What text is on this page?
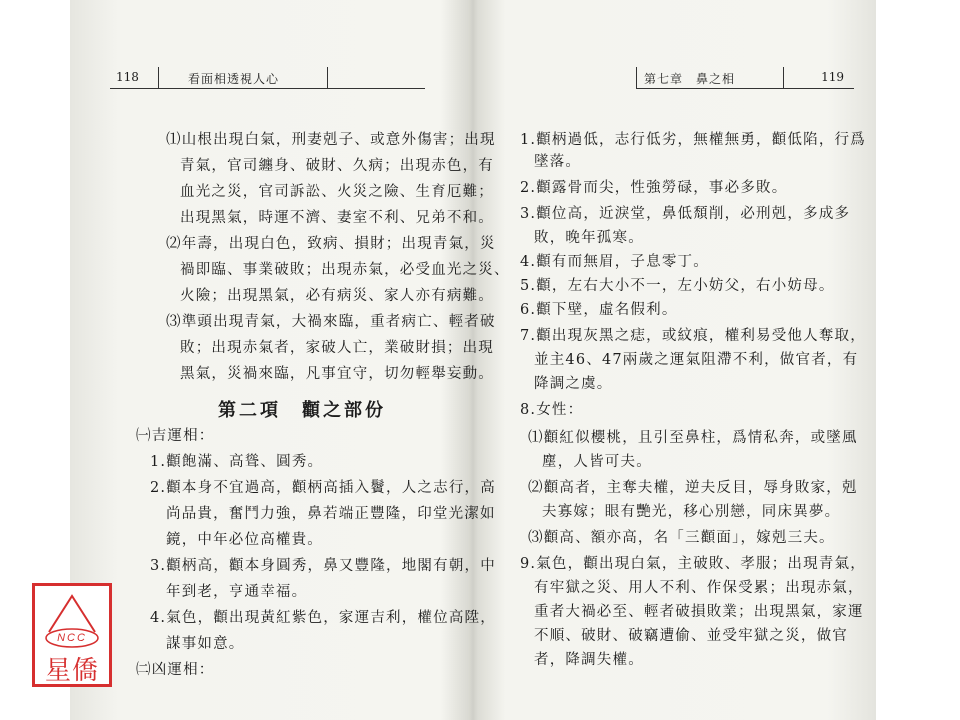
118	看面相透視人心
⑴山根出現白氣，刑妻剋子、或意外傷害；出現
青氣，官司纏身、破財、久病；出現赤色，有
血光之災，官司訴訟、火災之險、生育厄難；
出現黑氣，時運不濟、妻室不利、兄弟不和。
⑵年壽，出現白色，致病、損財；出現青氣，災
禍即臨、事業破敗；出現赤氣，必受血光之災、
火險；出現黑氣，必有病災、家人亦有病難。
⑶準頭出現青氣，大禍來臨，重者病亡、輕者破
敗；出現赤氣者，家破人亡，業破財損；出現
黑氣，災禍來臨，凡事宜守，切勿輕舉妄動。
第二項　顴之部份
㈠吉運相：
1.顴飽滿、高聳、圓秀。
2.顴本身不宜過高，顴柄高插入鬢，人之志行，高
尚品貴，奮鬥力強，鼻若端正豐隆，印堂光潔如
鏡，中年必位高權貴。
3.顴柄高，顴本身圓秀，鼻又豐隆，地閣有朝，中
年到老，亨通幸福。
4.氣色，顴出現黃紅紫色，家運吉利，權位高陞，
謀事如意。
㈡凶運相：
第七章　鼻之相	119
1.顴柄過低，志行低劣，無權無勇，顴低陷，行爲
墜落。
2.顴露骨而尖，性強勞碌，事必多敗。
3.顴位高，近淚堂，鼻低頹削，必刑剋，多成多
敗，晚年孤寒。
4.顴有而無眉，子息零丁。
5.顴，左右大小不一，左小妨父，右小妨母。
6.顴下壁，虛名假利。
7.顴出現灰黑之痣，或紋痕，權利易受他人奪取，
並主46、47兩歲之運氣阻滯不利，做官者，有
降調之虞。
8.女性：
⑴顴紅似櫻桃，且引至鼻柱，爲情私奔，或墜風
塵，人皆可夫。
⑵顴高者，主奪夫權，逆夫反目，辱身敗家，剋
夫寡嫁；眼有艷光，移心別戀，同床異夢。
⑶顴高、額亦高，名「三顴面」，嫁剋三夫。
9.氣色，顴出現白氣，主破敗、孝服；出現青氣，
有牢獄之災、用人不利、作保受累；出現赤氣，
重者大禍必至、輕者破損敗業；出現黑氣，家運
不順、破財、破竊遭偷、並受牢獄之災，做官
者，降調失權。
NCC
星僑
